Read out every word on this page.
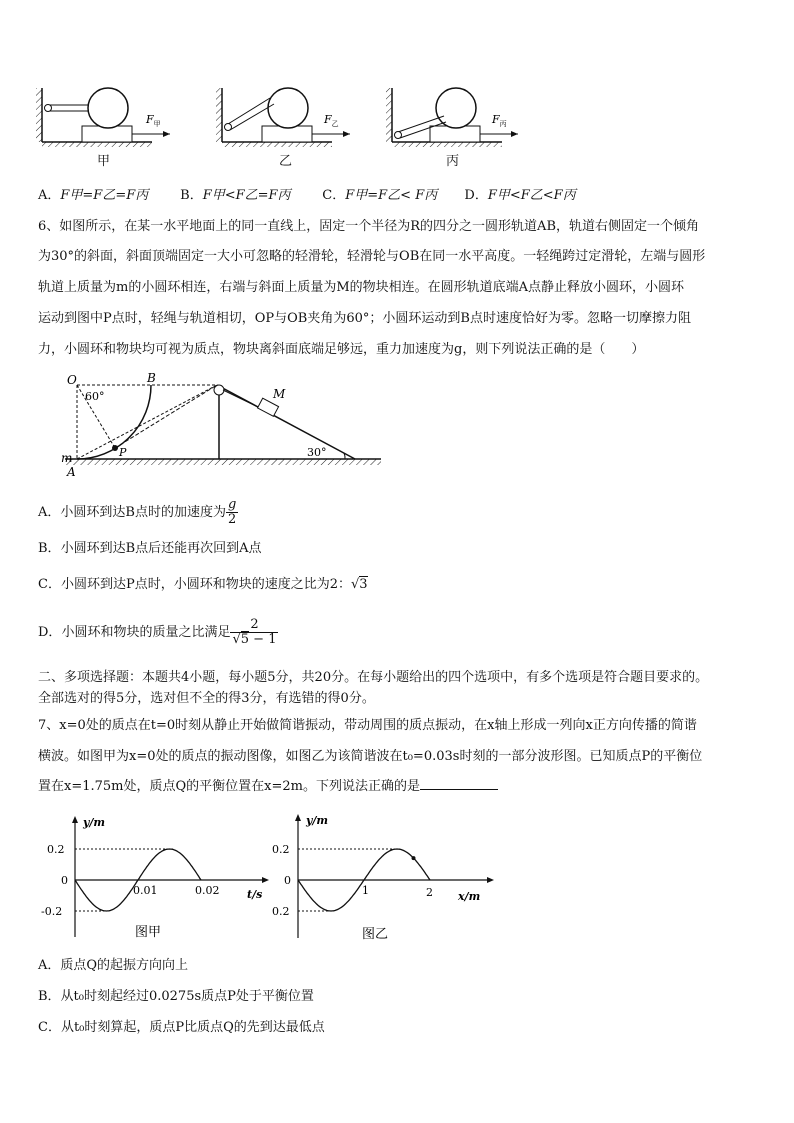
$F_甲$	$F_乙$	$F_丙$
甲	乙	丙
A．F甲=F乙=F丙 B．F甲<F乙=F丙 C．F甲=F乙< F丙 D．F甲<F乙<F丙
6、如图所示，在某一水平地面上的同一直线上，固定一个半径为R的四分之一圆形轨道AB，轨道右侧固定一个倾角
为30°的斜面，斜面顶端固定一大小可忽略的轻滑轮，轻滑轮与OB在同一水平高度。一轻绳跨过定滑轮，左端与圆形
轨道上质量为m的小圆环相连，右端与斜面上质量为M的物块相连。在圆形轨道底端A点静止释放小圆环，小圆环
运动到图中P点时，轻绳与轨道相切，OP与OB夹角为60°；小圆环运动到B点时速度恰好为零。忽略一切摩擦力阻
力，小圆环和物块均可视为质点，物块离斜面底端足够远，重力加速度为g，则下列说法正确的是（　　）
O	B
60°	M
m
A
P	30°
A．小圆环到达B点时的加速度为 $\frac{g}{2}$
B．小圆环到达B点后还能再次回到A点
C．小圆环到达P点时，小圆环和物块的速度之比为2：√3
D．小圆环和物块的质量之比满足 $\frac{2}{√5 - 1}$
二、多项选择题：本题共4小题，每小题5分，共20分。在每小题给出的四个选项中，有多个选项是符合题目要求的。
全部选对的得5分，选对但不全的得3分，有选错的得0分。
7、x=0处的质点在t=0时刻从静止开始做简谐振动，带动周围的质点振动，在x轴上形成一列向x正方向传播的简谐
横波。如图甲为x=0处的质点的振动图像，如图乙为该简谐波在t₀=0.03s时刻的一部分波形图。已知质点P的平衡位
置在x=1.75m处，质点Q的平衡位置在x=2m。下列说法正确的是
y/m
t/s
0.2
0
-0.2
0.01	0.02
图甲
y/m
x/m
0.2
0
0.2
1	2
图乙
A．质点Q的起振方向向上
B．从t₀时刻起经过0.0275s质点P处于平衡位置
C．从t₀时刻算起，质点P比质点Q的先到达最低点
